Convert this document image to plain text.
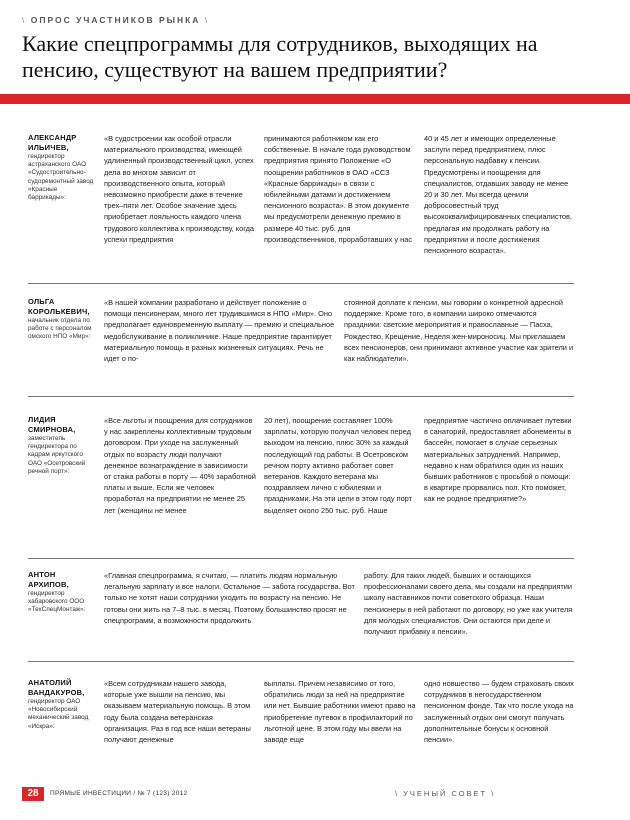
\ ОПРОС УЧАСТНИКОВ РЫНКА \
Какие спецпрограммы для сотрудников, выходящих на пенсию, существуют на вашем предприятии?
АЛЕКСАНДР ИЛЬИЧЕВ,
гендиректор астраханского ОАО «Судостроительно-судоремонтный завод «Красные баррикады»:
«В судостроении как особой отрасли материального производства, имеющей удлиненный производственный цикл, успех дела во многом зависит от производственного опыта, который невозможно приобрести даже в течение трех–пяти лет. Особое значение здесь приобретает лояльность каждого члена трудового коллектива к производству, когда успехи предприятия
принимаются работником как его собственные. В начале года руководством предприятия принято Положение «О поощрении работников в ОАО «ССЗ «Красные баррикады» в связи с юбилейными датами и достижением пенсионного возраста». В этом документе мы предусмотрели денежную премию в размере 40 тыс. руб. для производственников, проработавших у нас
40 и 45 лет и имеющих определенные заслуги перед предприятием, плюс персональную надбавку к пенсии. Предусмотрены и поощрения для специалистов, отдавших заводу не менее 20 и 30 лет. Мы всегда ценили добросовестный труд высококвалифицированных специалистов, предлагая им продолжать работу на предприятии и после достижения пенсионного возраста».
ОЛЬГА КОРОЛЬКЕВИЧ,
начальник отдела по работе с персоналом омского НПО «Мир»:
«В нашей компании разработано и действует положение о помощи пенсионерам, много лет трудившимся в НПО «Мир». Оно предполагает единовременную выплату — премию и специальное медобслуживание в поликлинике. Наше предприятие гарантирует материальную помощь в разных жизненных ситуациях. Речь не идет о по-
стоянной доплате к пенсии, мы говорим о конкретной адресной поддержке. Кроме того, в компании широко отмечаются праздники: светские мероприятия и православные — Пасха, Рождество, Крещение, Неделя жен-мироносиц. Мы приглашаем всех пенсионеров, они принимают активное участие как зрители и как наблюдатели».
ЛИДИЯ СМИРНОВА,
заместитель гендиректора по кадрам иркутского ОАО «Осетровский речной порт»:
«Все льготы и поощрения для сотрудников у нас закреплены коллективным трудовым договором. При уходе на заслуженный отдых по возрасту люди получают денежное вознаграждение в зависимости от стажа работы в порту — 40% заработной платы и выше. Если же человек проработал на предприятии не менее 25 лет (женщины не менее
20 лет), поощрение составляет 100% зарплаты, которую получал человек перед выходом на пенсию, плюс 30% за каждый последующий год работы. В Осетровском речном порту активно работает совет ветеранов. Каждого ветерана мы поздравляем лично с юбилеями и праздниками. На эти цели в этом году порт выделяет около 250 тыс. руб. Наше
предприятие частично оплачивает путевки в санаторий, предоставляет абонементы в бассейн, помогает в случае серьезных материальных затруднений. Например, недавно к нам обратился один из наших бывших работников с просьбой о помощи: в квартире прорвались пол. Кто поможет, как не родное предприятие?»
АНТОН АРХИПОВ,
гендиректор хабаровского ООО «ТехСпецМонтаж»:
«Главная спецпрограмма, я считаю, — платить людям нормальную легальную зарплату и все налоги. Остальное — забота государства. Вот только не хотят наши сотрудники уходить по возрасту на пенсию. Не готовы они жить на 7–8 тыс. в месяц. Поэтому большинство просят не спецпрограмм, а возможности продолжить
работу. Для таких людей, бывших и остающихся профессионалами своего дела, мы создали на предприятии школу наставников почти советского образца. Наши пенсионеры в ней работают по договору, но уже как учителя для молодых специалистов. Они остаются при деле и получают прибавку к пенсии».
АНАТОЛИЙ ВАНДАКУРОВ,
гендиректор ОАО «Новосибирский механический завод «Искра»:
«Всем сотрудникам нашего завода, которые уже вышли на пенсию, мы оказываем материальную помощь. В этом году была создана ветеранская организация. Раз в год все наши ветераны получают денежные
выплаты. Причем независимо от того, обратились люди за ней на предприятие или нет. Бывшие работники имеют право на приобретение путевок в профилакторий по льготной цене. В этом году мы ввели на заводе еще
одно новшество — будем страховать своих сотрудников в негосударственном пенсионном фонде. Так что после ухода на заслуженный отдых они смогут получать дополнительные бонусы к основной пенсии».
28	ПРЯМЫЕ ИНВЕСТИЦИИ / № 7 (123) 2012	\ УЧЕНЫЙ СОВЕТ \
